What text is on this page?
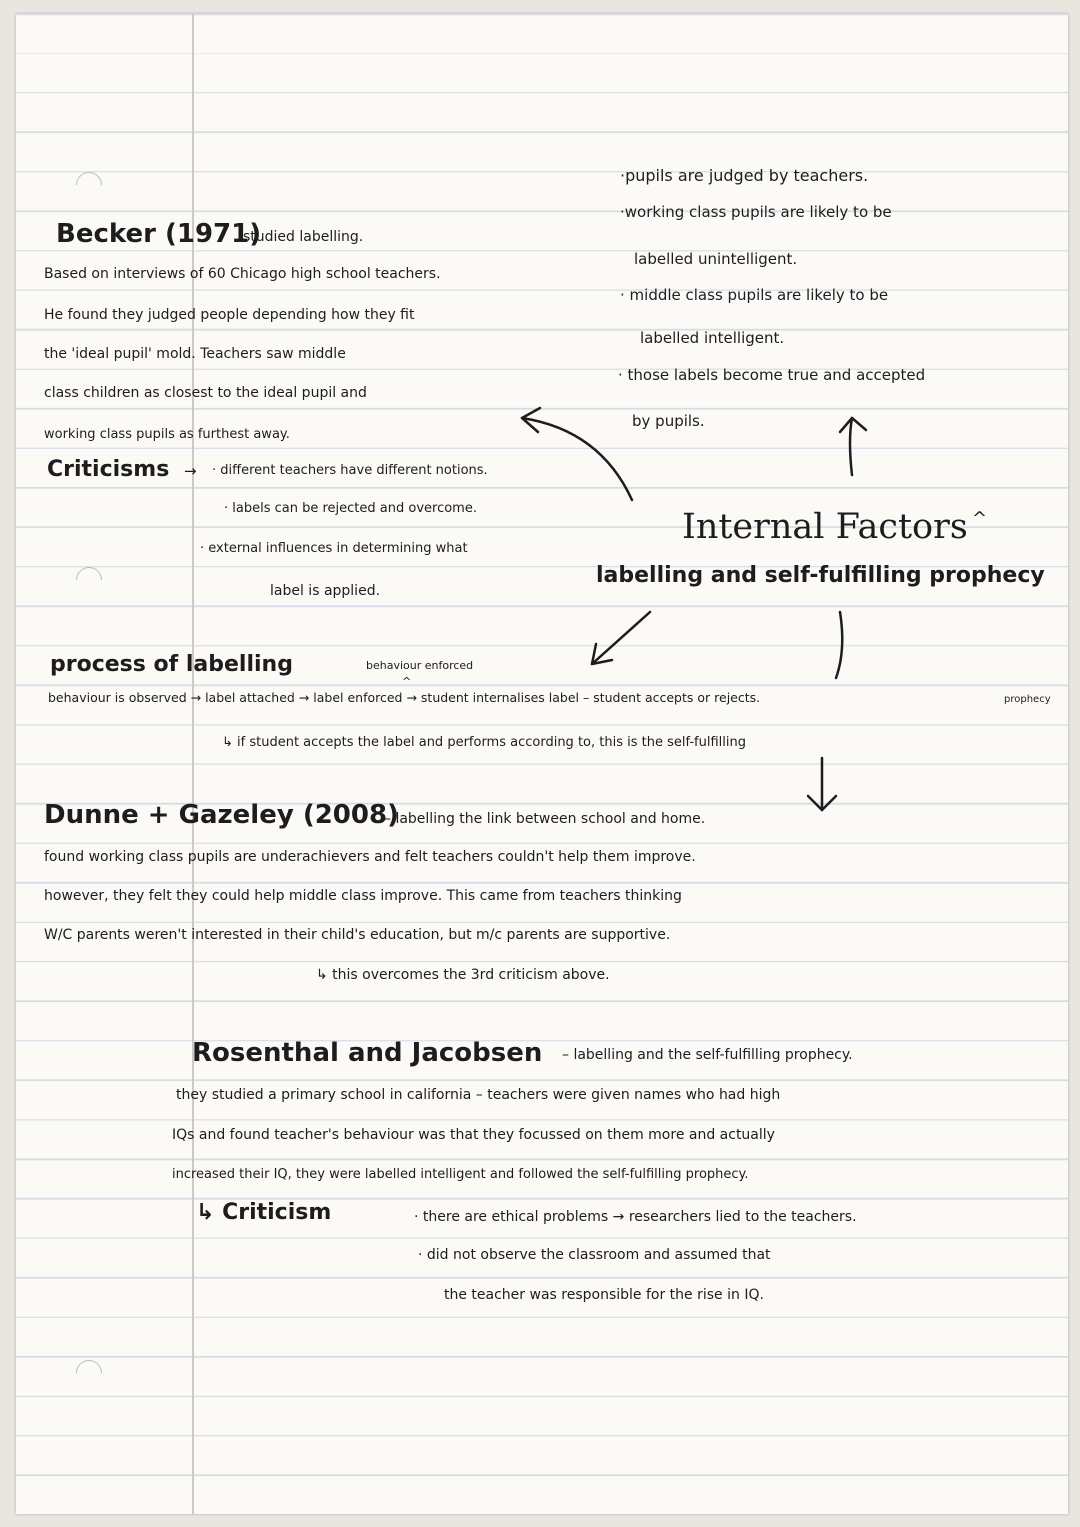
·pupils are judged by teachers.
·working class pupils are likely to be
labelled unintelligent.
· middle class pupils are likely to be
labelled intelligent.
· those labels become true and accepted
by pupils.
Becker (1971)
studied labelling.
Based on interviews of 60 Chicago high school teachers.
He found they judged people depending how they fit
the 'ideal pupil' mold. Teachers saw middle
class children as closest to the ideal pupil and
working class pupils as furthest away.
Criticisms → · different teachers have different notions.
· labels can be rejected and overcome.
· external influences in determining what
label is applied.
Internal Factors ^
labelling and self-fulfilling prophecy
process of labelling	behaviour enforced
^
behaviour is observed → label attached → label enforced → student internalises label – student accepts or rejects.	prophecy
↳ if student accepts the label and performs according to, this is the self-fulfilling
Dunne + Gazeley (2008)
– labelling the link between school and home.
found working class pupils are underachievers and felt teachers couldn't help them improve.
however, they felt they could help middle class improve. This came from teachers thinking
W/C parents weren't interested in their child's education, but m/c parents are supportive.
↳ this overcomes the 3rd criticism above.
Rosenthal and Jacobsen – labelling and the self-fulfilling prophecy.
they studied a primary school in california – teachers were given names who had high
IQs and found teacher's behaviour was that they focussed on them more and actually
increased their IQ, they were labelled intelligent and followed the self-fulfilling prophecy.
↳ Criticism	· there are ethical problems → researchers lied to the teachers.
· did not observe the classroom and assumed that
the teacher was responsible for the rise in IQ.
